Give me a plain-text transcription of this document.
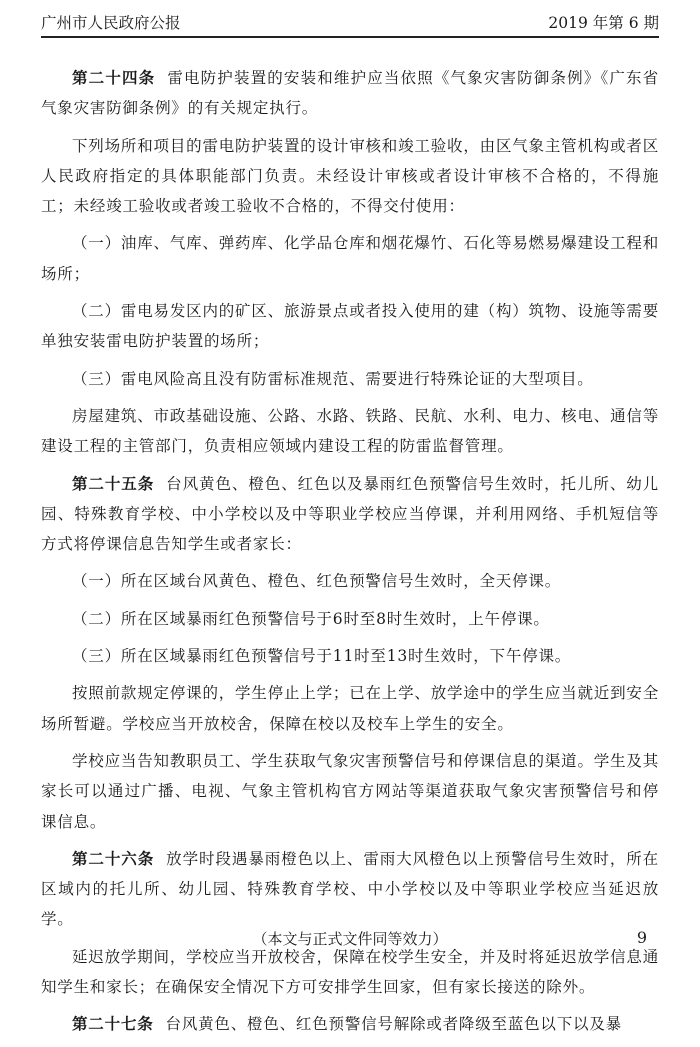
广州市人民政府公报	2019 年第 6 期

第二十四条 雷电防护装置的安装和维护应当依照《气象灾害防御条例》《广东省气象灾害防御条例》的有关规定执行。

下列场所和项目的雷电防护装置的设计审核和竣工验收，由区气象主管机构或者区人民政府指定的具体职能部门负责。未经设计审核或者设计审核不合格的，不得施工；未经竣工验收或者竣工验收不合格的，不得交付使用：

（一）油库、气库、弹药库、化学品仓库和烟花爆竹、石化等易燃易爆建设工程和场所；

（二）雷电易发区内的矿区、旅游景点或者投入使用的建（构）筑物、设施等需要单独安装雷电防护装置的场所；

（三）雷电风险高且没有防雷标准规范、需要进行特殊论证的大型项目。

房屋建筑、市政基础设施、公路、水路、铁路、民航、水利、电力、核电、通信等建设工程的主管部门，负责相应领域内建设工程的防雷监督管理。

第二十五条 台风黄色、橙色、红色以及暴雨红色预警信号生效时，托儿所、幼儿园、特殊教育学校、中小学校以及中等职业学校应当停课，并利用网络、手机短信等方式将停课信息告知学生或者家长：

（一）所在区域台风黄色、橙色、红色预警信号生效时，全天停课。

（二）所在区域暴雨红色预警信号于6时至8时生效时，上午停课。

（三）所在区域暴雨红色预警信号于11时至13时生效时，下午停课。

按照前款规定停课的，学生停止上学；已在上学、放学途中的学生应当就近到安全场所暂避。学校应当开放校舍，保障在校以及校车上学生的安全。

学校应当告知教职员工、学生获取气象灾害预警信号和停课信息的渠道。学生及其家长可以通过广播、电视、气象主管机构官方网站等渠道获取气象灾害预警信号和停课信息。

第二十六条 放学时段遇暴雨橙色以上、雷雨大风橙色以上预警信号生效时，所在区域内的托儿所、幼儿园、特殊教育学校、中小学校以及中等职业学校应当延迟放学。

延迟放学期间，学校应当开放校舍，保障在校学生安全，并及时将延迟放学信息通知学生和家长；在确保安全情况下方可安排学生回家，但有家长接送的除外。

第二十七条 台风黄色、橙色、红色预警信号解除或者降级至蓝色以下以及暴

（本文与正式文件同等效力）	9
